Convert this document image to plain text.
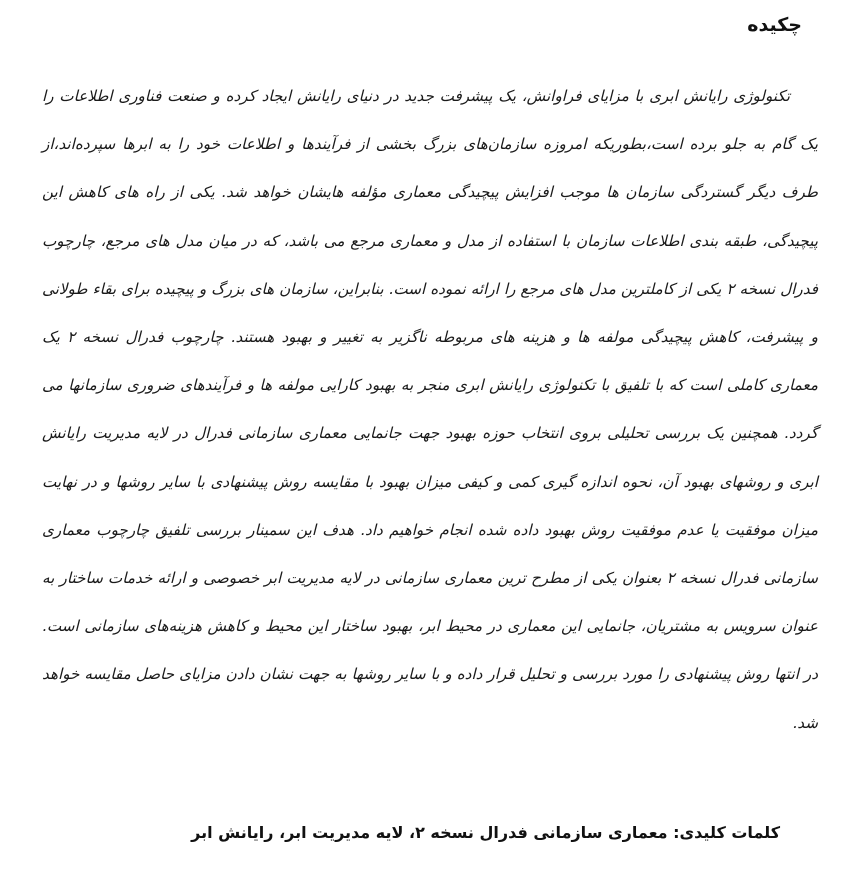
چکیده

تکنولوژی رایانش ابری با مزایای فراوانش، یک پیشرفت جدید در دنیای رایانش ایجاد کرده و صنعت فناوری اطلاعات را یک گام به جلو برده است،بطوریکه امروزه سازمان‌های بزرگ بخشی از فرآیندها و اطلاعات خود را به ابرها سپرده‌اند،از طرف دیگر گستردگی سازمان ها موجب افزایش پیچیدگی معماری مؤلفه هایشان خواهد شد. یکی از راه های کاهش این پیچیدگی، طبقه بندی اطلاعات سازمان با استفاده از مدل و معماری مرجع می باشد، که در میان مدل های مرجع، چارچوب فدرال نسخه ۲ یکی از کاملترین مدل های مرجع را ارائه نموده است. بنابراین، سازمان های بزرگ و پیچیده برای بقاء طولانی و پیشرفت، کاهش پیچیدگی مولفه ها و هزینه های مربوطه ناگزیر به تغییر و بهبود هستند. چارچوب فدرال نسخه ۲ یک معماری کاملی است که با تلفیق با تکنولوژی رایانش ابری منجر به بهبود کارایی مولفه ها و فرآیندهای ضروری سازمانها می گردد. همچنین یک بررسی تحلیلی بروی انتخاب حوزه بهبود جهت جانمایی معماری سازمانی فدرال در لایه مدیریت رایانش ابری و روشهای بهبود آن، نحوه اندازه گیری کمی و کیفی میزان بهبود با مقایسه روش پیشنهادی با سایر روشها و در نهایت میزان موفقیت یا عدم موفقیت روش بهبود داده شده انجام خواهیم داد. هدف این سمینار بررسی تلفیق چارچوب معماری سازمانی فدرال نسخه ۲ بعنوان یکی از مطرح ترین معماری سازمانی در لایه مدیریت ابر خصوصی و ارائه خدمات ساختار به عنوان سرویس به مشتریان، جانمایی این معماری در محیط ابر، بهبود ساختار این محیط و کاهش هزینه‌های سازمانی است. در انتها روش پیشنهادی را مورد بررسی و تحلیل قرار داده و با سایر روشها به جهت نشان دادن مزایای حاصل مقایسه خواهد شد.

کلمات کلیدی: معماری سازمانی فدرال نسخه ۲، لایه مدیریت ابر، رایانش ابر
